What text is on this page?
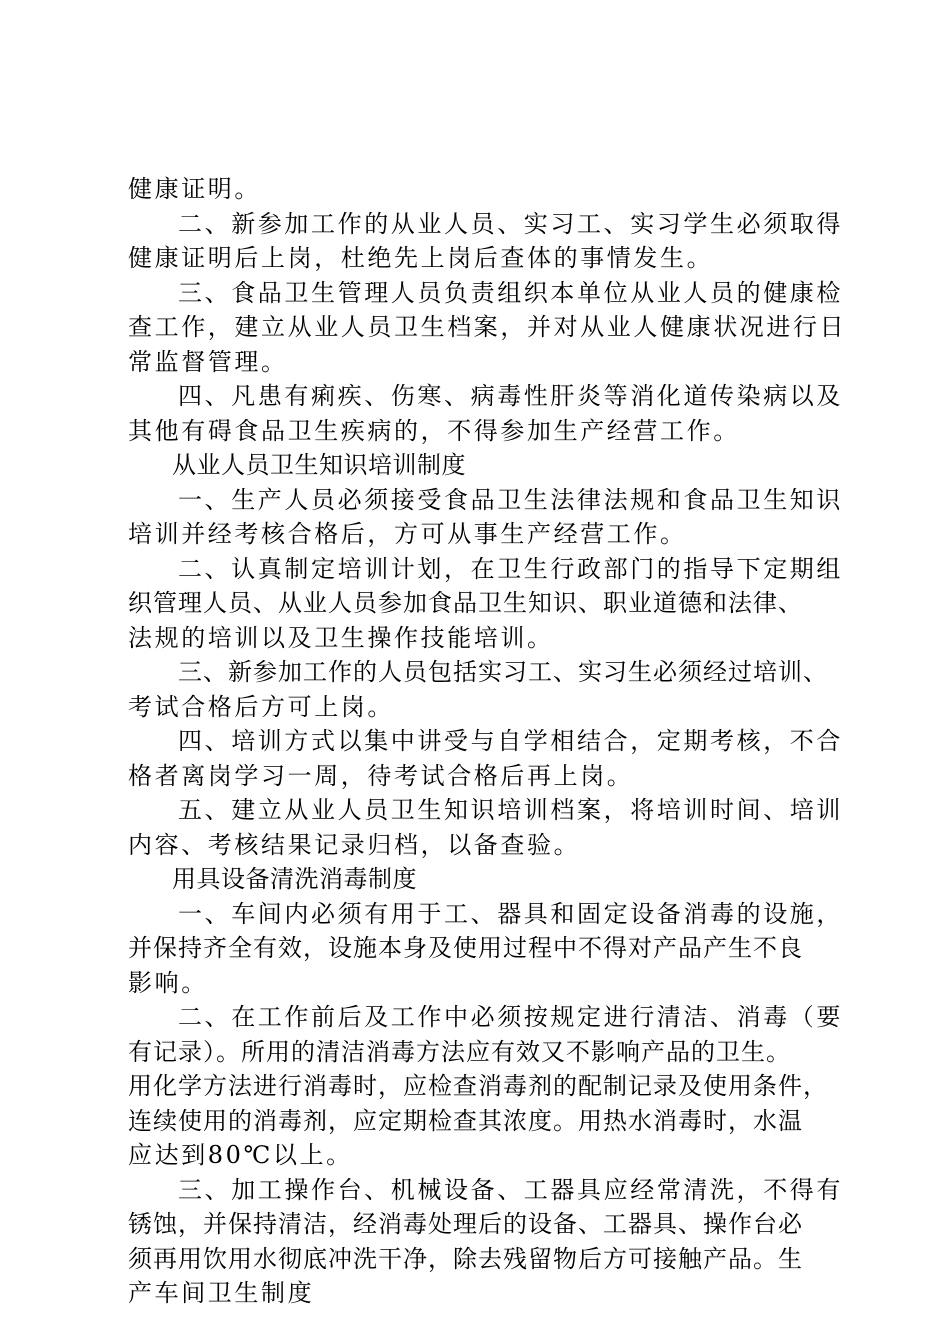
健康证明。
二、新参加工作的从业人员、实习工、实习学生必须取得
健康证明后上岗，杜绝先上岗后查体的事情发生。
三、食品卫生管理人员负责组织本单位从业人员的健康检
查工作，建立从业人员卫生档案，并对从业人健康状况进行日
常监督管理。
四、凡患有痢疾、伤寒、病毒性肝炎等消化道传染病以及
其他有碍食品卫生疾病的，不得参加生产经营工作。
从业人员卫生知识培训制度
一、生产人员必须接受食品卫生法律法规和食品卫生知识
培训并经考核合格后，方可从事生产经营工作。
二、认真制定培训计划，在卫生行政部门的指导下定期组
织管理人员、从业人员参加食品卫生知识、职业道德和法律、
法规的培训以及卫生操作技能培训。
三、新参加工作的人员包括实习工、实习生必须经过培训、
考试合格后方可上岗。
四、培训方式以集中讲受与自学相结合，定期考核，不合
格者离岗学习一周，待考试合格后再上岗。
五、建立从业人员卫生知识培训档案，将培训时间、培训
内容、考核结果记录归档，以备查验。
用具设备清洗消毒制度
一、车间内必须有用于工、器具和固定设备消毒的设施，
并保持齐全有效，设施本身及使用过程中不得对产品产生不良
影响。
二、在工作前后及工作中必须按规定进行清洁、消毒（要
有记录）。所用的清洁消毒方法应有效又不影响产品的卫生。
用化学方法进行消毒时，应检查消毒剂的配制记录及使用条件，
连续使用的消毒剂，应定期检查其浓度。用热水消毒时，水温
应达到80℃以上。
三、加工操作台、机械设备、工器具应经常清洗，不得有
锈蚀，并保持清洁，经消毒处理后的设备、工器具、操作台必
须再用饮用水彻底冲洗干净，除去残留物后方可接触产品。生
产车间卫生制度
